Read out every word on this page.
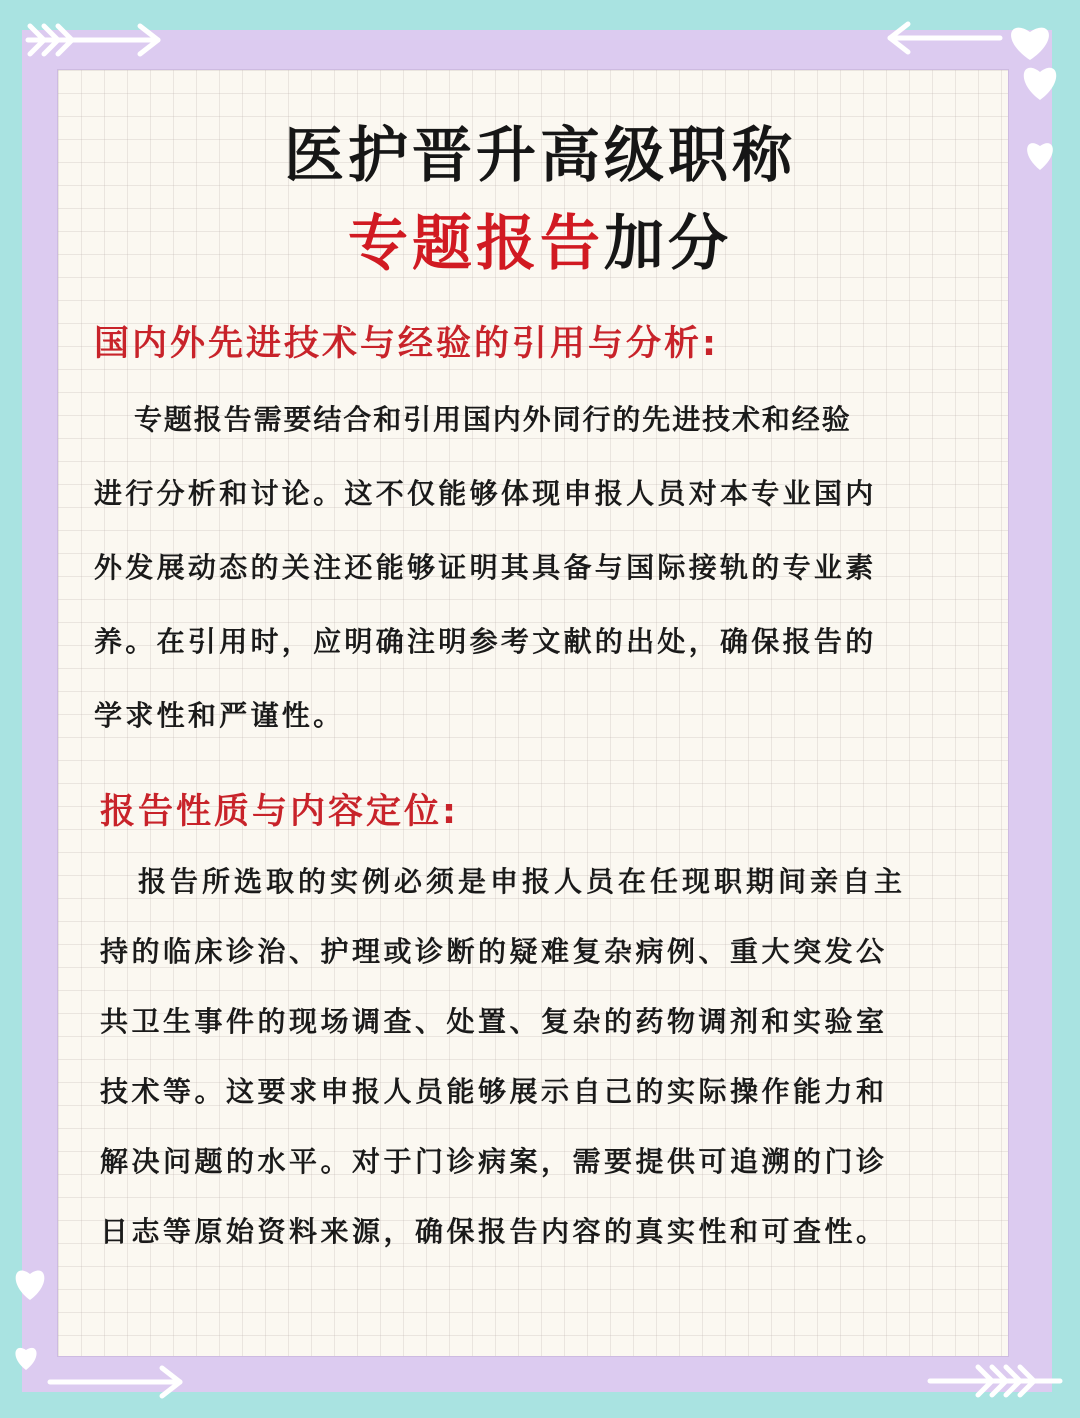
医护晋升高级职称
专题报告加分
国内外先进技术与经验的引用与分析:

专题报告需要结合和引用国内外同行的先进技术和经验

进行分析和讨论。这不仅能够体现申报人员对本专业国内

外发展动态的关注还能够证明其具备与国际接轨的专业素

养。在引用时，应明确注明参考文献的出处，确保报告的

学求性和严谨性。

报告性质与内容定位:

报告所选取的实例必须是申报人员在任现职期间亲自主

持的临床诊治、护理或诊断的疑难复杂病例、重大突发公

共卫生事件的现场调查、处置、复杂的药物调剂和实验室

技术等。这要求申报人员能够展示自己的实际操作能力和

解决问题的水平。对于门诊病案，需要提供可追溯的门诊

日志等原始资料来源，确保报告内容的真实性和可查性。
